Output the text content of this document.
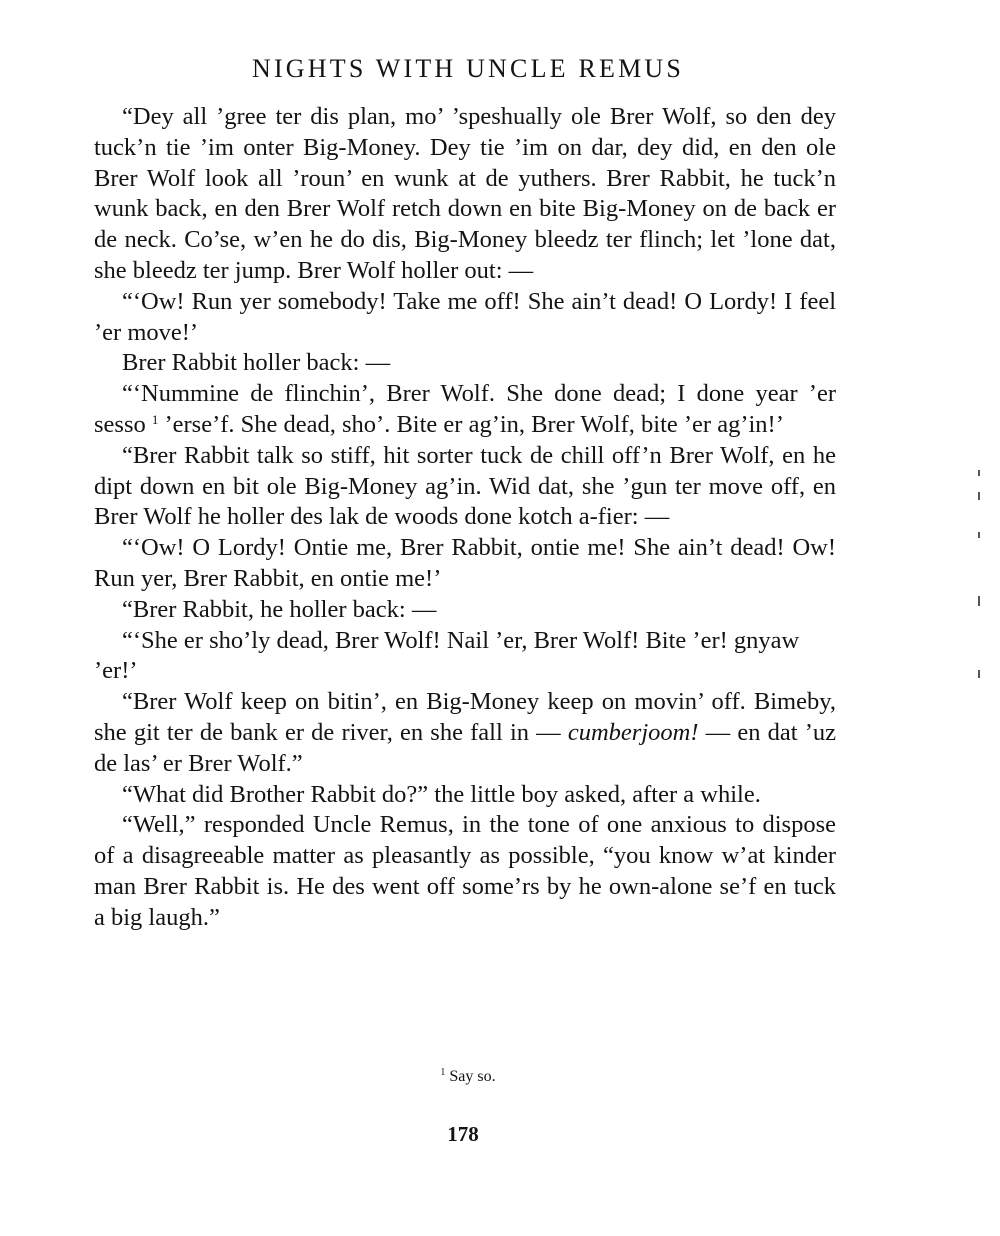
NIGHTS WITH UNCLE REMUS

“Dey all ’gree ter dis plan, mo’ ’speshually ole Brer Wolf, so den dey tuck’n tie ’im onter Big-Money. Dey tie ’im on dar, dey did, en den ole Brer Wolf look all ’roun’ en wunk at de yuthers. Brer Rabbit, he tuck’n wunk back, en den Brer Wolf retch down en bite Big-Money on de back er de neck. Co’se, w’en he do dis, Big-Money bleedz ter flinch; let ’lone dat, she bleedz ter jump. Brer Wolf holler out: —

“‘Ow! Run yer somebody! Take me off! She ain’t dead! O Lordy! I feel ’er move!’

Brer Rabbit holler back: —

“‘Nummine de flinchin’, Brer Wolf. She done dead; I done year ’er sesso $^1$ ’erse’f. She dead, sho’. Bite er ag’in, Brer Wolf, bite ’er ag’in!’

“Brer Rabbit talk so stiff, hit sorter tuck de chill off’n Brer Wolf, en he dipt down en bit ole Big-Money ag’in. Wid dat, she ’gun ter move off, en Brer Wolf he holler des lak de woods done kotch a-fier: —

“‘Ow! O Lordy! Ontie me, Brer Rabbit, ontie me! She ain’t dead! Ow! Run yer, Brer Rabbit, en ontie me!’

“Brer Rabbit, he holler back: —

“‘She er sho’ly dead, Brer Wolf! Nail ’er, Brer Wolf! Bite ’er! gnyaw ’er!’

“Brer Wolf keep on bitin’, en Big-Money keep on movin’ off. Bimeby, she git ter de bank er de river, en she fall in — cumberjoom! — en dat ’uz de las’ er Brer Wolf.”

“What did Brother Rabbit do?” the little boy asked, after a while.

“Well,” responded Uncle Remus, in the tone of one anxious to dispose of a disagreeable matter as pleasantly as possible, “you know w’at kinder man Brer Rabbit is. He des went off some’rs by he own-alone se’f en tuck a big laugh.”

$^1$ Say so.
178
